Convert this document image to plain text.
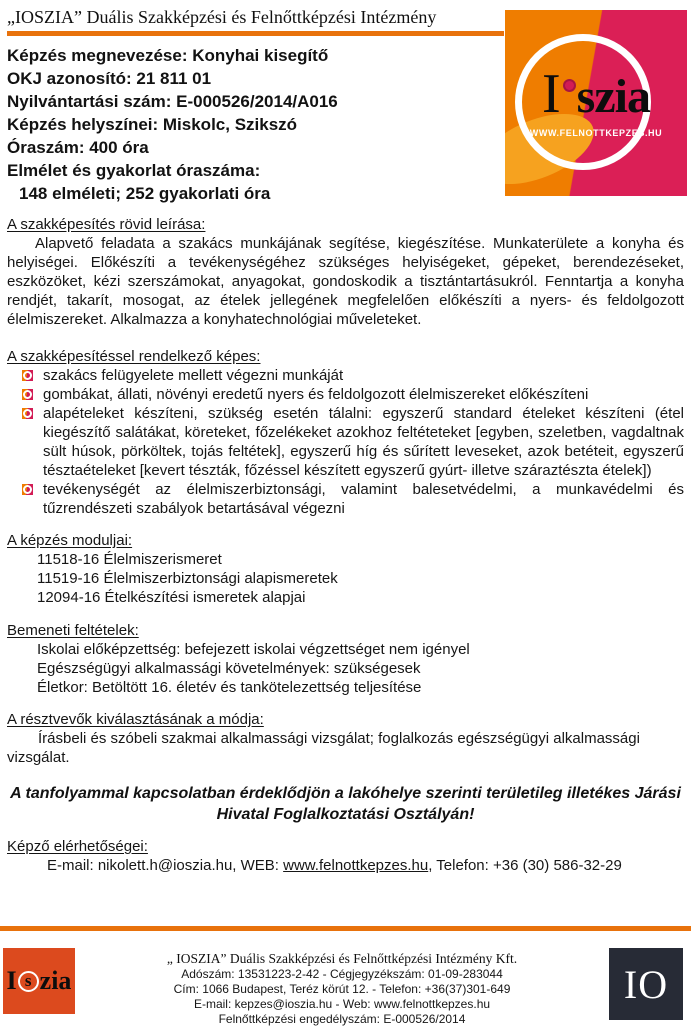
„IOSZIA” Duális Szakképzési és Felnőttképzési Intézmény
Képzés megnevezése: Konyhai kisegítő
OKJ azonosító: 21 811 01
Nyilvántartási szám: E-000526/2014/A016
Képzés helyszínei: Miskolc, Szikszó
Óraszám: 400 óra
Elmélet és gyakorlat óraszáma:
148 elméleti; 252 gyakorlati óra
A szakképesítés rövid leírása:

Alapvető feladata a szakács munkájának segítése, kiegészítése. Munkaterülete a konyha és helyiségei. Előkészíti a tevékenységéhez szükséges helyiségeket, gépeket, berendezéseket, eszközöket, kézi szerszámokat, anyagokat, gondoskodik a tisztántartásukról. Fenntartja a konyha rendjét, takarít, mosogat, az ételek jellegének megfelelően előkészíti a nyers- és feldolgozott élelmiszereket. Alkalmazza a konyhatechnológiai műveleteket.

A szakképesítéssel rendelkező képes:
szakács felügyelete mellett végezni munkáját
gombákat, állati, növényi eredetű nyers és feldolgozott élelmiszereket előkészíteni
alapételeket készíteni, szükség esetén tálalni: egyszerű standard ételeket készíteni (étel kiegészítő salátákat, köreteket, főzelékeket azokhoz feltéteteket [egyben, szeletben, vagdaltnak sült húsok, pörköltek, tojás feltétek], egyszerű híg és sűrített leveseket, azok betéteit, egyszerű tésztaételeket [kevert tészták, főzéssel készített egyszerű gyúrt- illetve száraztészta ételek])
tevékenységét az élelmiszerbiztonsági, valamint balesetvédelmi, a munkavédelmi és tűzrendészeti szabályok betartásával végezni
A képzés moduljai:
11518-16 Élelmiszerismeret
11519-16 Élelmiszerbiztonsági alapismeretek
12094-16 Ételkészítési ismeretek alapjai
Bemeneti feltételek:
Iskolai előképzettség: befejezett iskolai végzettséget nem igényel
Egészségügyi alkalmassági követelmények: szükségesek
Életkor: Betöltött 16. életév és tankötelezettség teljesítése
A résztvevők kiválasztásának a módja:

Írásbeli és szóbeli szakmai alkalmassági vizsgálat; foglalkozás egészségügyi alkalmassági vizsgálat.

A tanfolyammal kapcsolatban érdeklődjön a lakóhelye szerinti területileg illetékes Járási Hivatal Foglalkoztatási Osztályán!
Képző elérhetőségei:
E-mail: nikolett.h@ioszia.hu, WEB: www.felnottkepzes.hu, Telefon: +36 (30) 586-32-29
I szia
WWW.FELNOTTKEPZES.HU
I s zia
„ IOSZIA” Duális Szakképzési és Felnőttképzési Intézmény Kft.
Adószám: 13531223-2-42 - Cégjegyzékszám: 01-09-283044
Cím: 1066 Budapest, Teréz körút 12. - Telefon: +36(37)301-649
E-mail: kepzes@ioszia.hu - Web: www.felnottkepzes.hu
Felnőttképzési engedélyszám: E-000526/2014
IO
